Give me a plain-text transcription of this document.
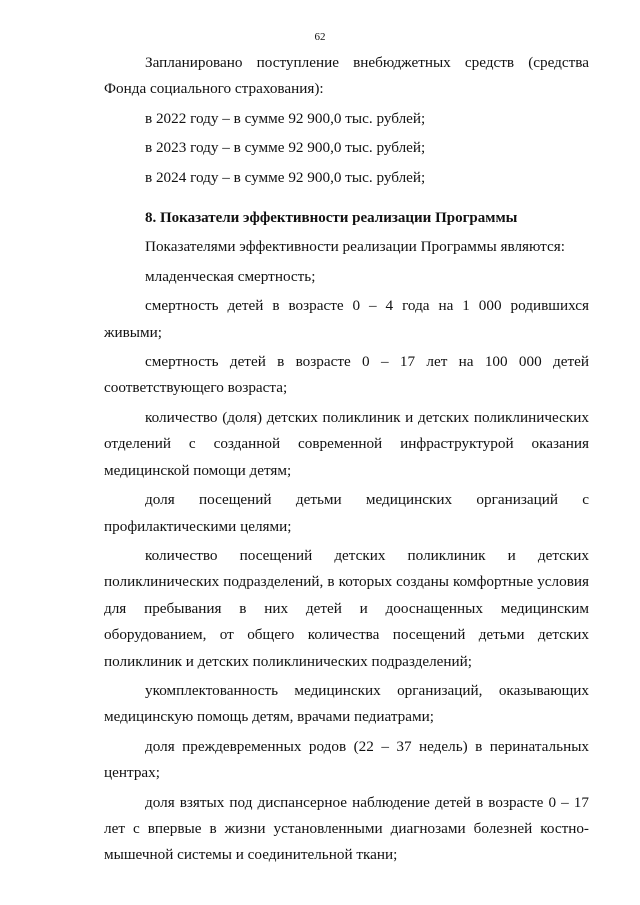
62

Запланировано поступление внебюджетных средств (средства Фонда социального страхования):

в 2022 году – в сумме 92 900,0 тыс. рублей;

в 2023 году – в сумме 92 900,0 тыс. рублей;

в 2024 году – в сумме 92 900,0 тыс. рублей;

8. Показатели эффективности реализации Программы

Показателями эффективности реализации Программы являются:

младенческая смертность;

смертность детей в возрасте 0 – 4 года на 1 000 родившихся живыми;

смертность детей в возрасте 0 – 17 лет на 100 000 детей соответствующего возраста;

количество (доля) детских поликлиник и детских поликлинических отделений с созданной современной инфраструктурой оказания медицинской помощи детям;

доля посещений детьми медицинских организаций с профилактическими целями;

количество посещений детских поликлиник и детских поликлинических подразделений, в которых созданы комфортные условия для пребывания в них детей и дооснащенных медицинским оборудованием, от общего количества посещений детьми детских поликлиник и детских поликлинических подразделений;

укомплектованность медицинских организаций, оказывающих медицинскую помощь детям, врачами педиатрами;

доля преждевременных родов (22 – 37 недель) в перинатальных центрах;

доля взятых под диспансерное наблюдение детей в возрасте 0 – 17 лет с впервые в жизни установленными диагнозами болезней костно-мышечной системы и соединительной ткани;
